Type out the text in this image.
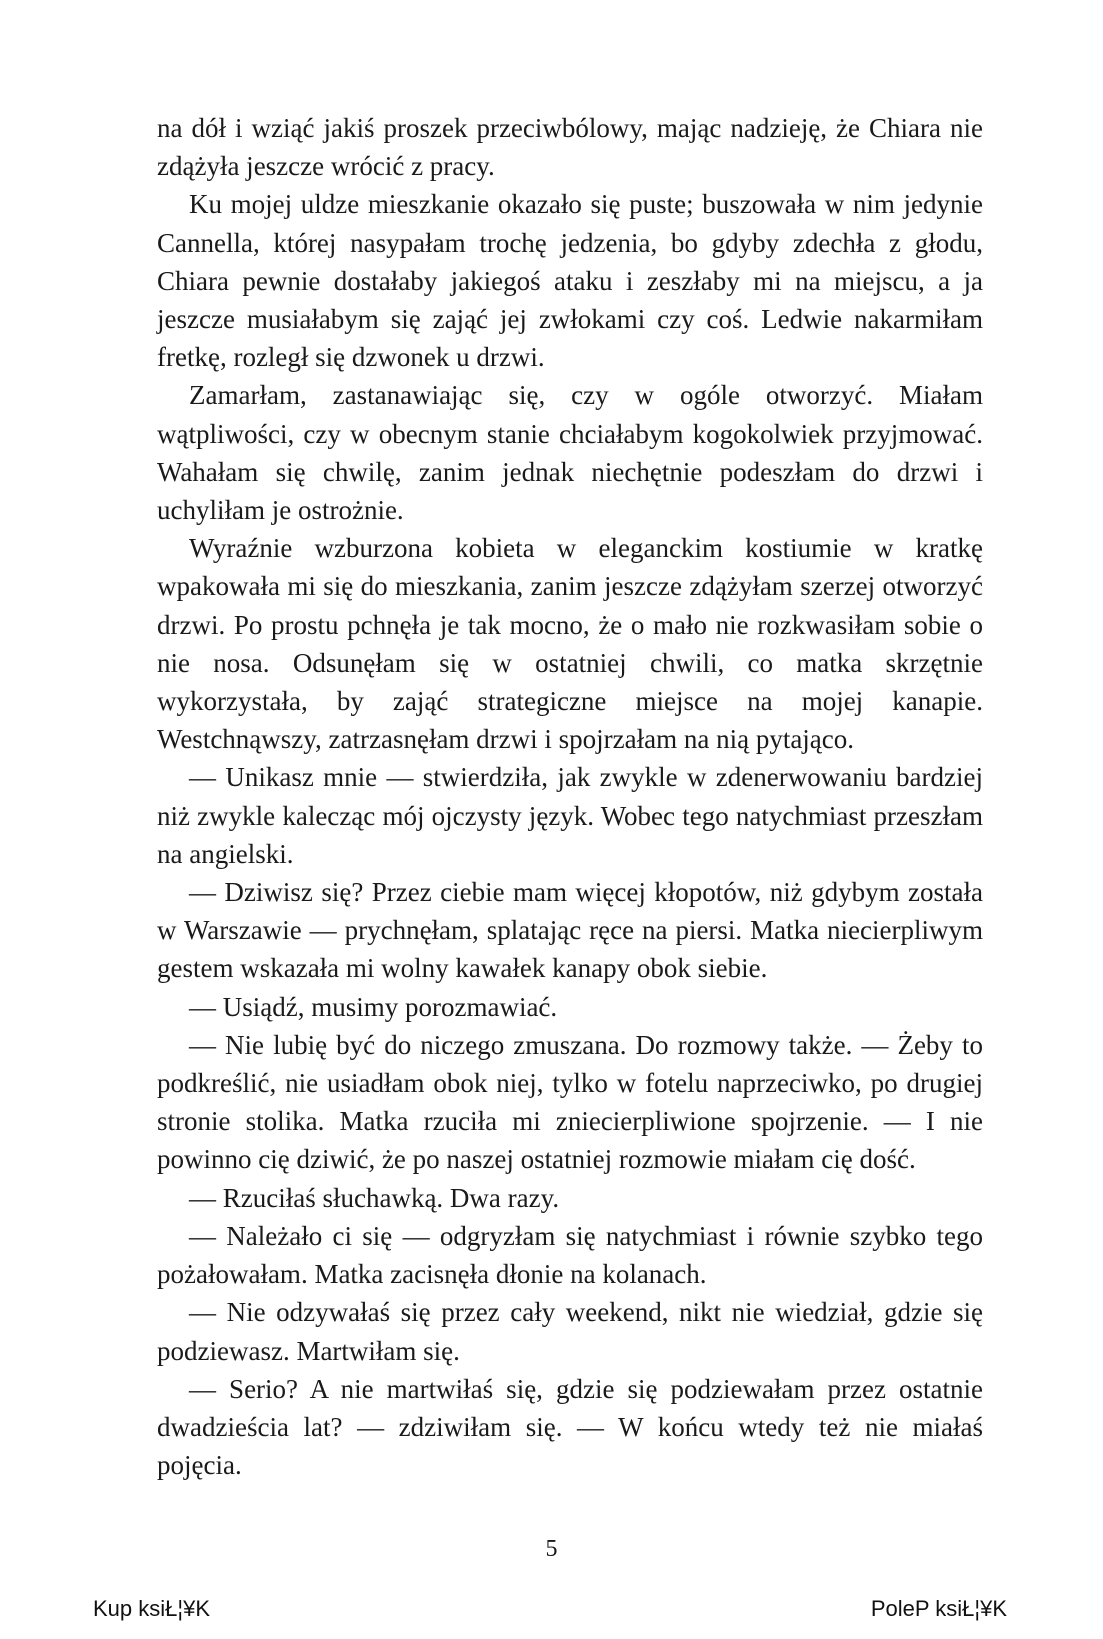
na dół i wziąć jakiś proszek przeciwbólowy, mając nadzieję, że Chiara nie zdążyła jeszcze wrócić z pracy.

Ku mojej uldze mieszkanie okazało się puste; buszowała w nim jedynie Cannella, której nasypałam trochę jedzenia, bo gdyby zdechła z głodu, Chiara pewnie dostałaby jakiegoś ataku i zeszłaby mi na miejscu, a ja jeszcze musiałabym się zająć jej zwłokami czy coś. Ledwie nakarmiłam fretkę, rozległ się dzwonek u drzwi.

Zamarłam, zastanawiając się, czy w ogóle otworzyć. Miałam wątpliwości, czy w obecnym stanie chciałabym kogokolwiek przyjmować. Wahałam się chwilę, zanim jednak niechętnie podeszłam do drzwi i uchyliłam je ostrożnie.

Wyraźnie wzburzona kobieta w eleganckim kostiumie w kratkę wpakowała mi się do mieszkania, zanim jeszcze zdążyłam szerzej otworzyć drzwi. Po prostu pchnęła je tak mocno, że o mało nie rozkwasiłam sobie o nie nosa. Odsunęłam się w ostatniej chwili, co matka skrzętnie wykorzystała, by zająć strategiczne miejsce na mojej kanapie. Westchnąwszy, zatrzasnęłam drzwi i spojrzałam na nią pytająco.

— Unikasz mnie — stwierdziła, jak zwykle w zdenerwowaniu bardziej niż zwykle kalecząc mój ojczysty język. Wobec tego natychmiast przeszłam na angielski.

— Dziwisz się? Przez ciebie mam więcej kłopotów, niż gdybym została w Warszawie — prychnęłam, splatając ręce na piersi. Matka niecierpliwym gestem wskazała mi wolny kawałek kanapy obok siebie.

— Usiądź, musimy porozmawiać.

— Nie lubię być do niczego zmuszana. Do rozmowy także. — Żeby to podkreślić, nie usiadłam obok niej, tylko w fotelu naprzeciwko, po drugiej stronie stolika. Matka rzuciła mi zniecierpliwione spojrzenie. — I nie powinno cię dziwić, że po naszej ostatniej rozmowie miałam cię dość.

— Rzuciłaś słuchawką. Dwa razy.

— Należało ci się — odgryzłam się natychmiast i równie szybko tego pożałowałam. Matka zacisnęła dłonie na kolanach.

— Nie odzywałaś się przez cały weekend, nikt nie wiedział, gdzie się podziewasz. Martwiłam się.

— Serio? A nie martwiłaś się, gdzie się podziewałam przez ostatnie dwadzieścia lat? — zdziwiłam się. — W końcu wtedy też nie miałaś pojęcia.

5
Kup ksiŁ¦¥K	PoleP ksiŁ¦¥K
